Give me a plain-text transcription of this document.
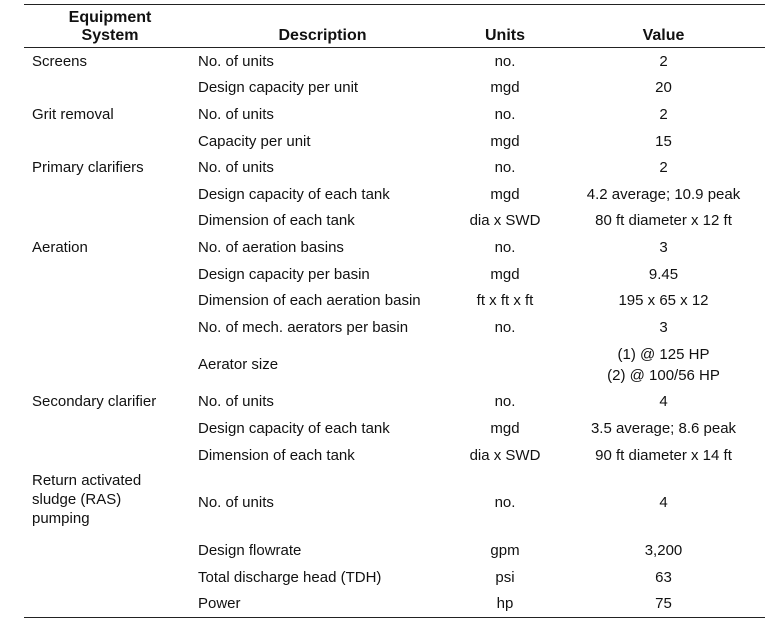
Equipment
System	Description	Units	Value
Screens	No. of units	no.	2
	Design capacity per unit	mgd	20
Grit removal	No. of units	no.	2
	Capacity per unit	mgd	15
Primary clarifiers	No. of units	no.	2
	Design capacity of each tank	mgd	4.2 average; 10.9 peak
	Dimension of each tank	dia x SWD	80 ft diameter x 12 ft
Aeration	No. of aeration basins	no.	3
	Design capacity per basin	mgd	9.45
	Dimension of each aeration basin	ft x ft x ft	195 x 65 x 12
	No. of mech. aerators per basin	no.	3
	Aerator size		(1) @ 125 HP
(2) @ 100/56 HP
Secondary clarifier	No. of units	no.	4
	Design capacity of each tank	mgd	3.5 average; 8.6 peak
	Dimension of each tank	dia x SWD	90 ft diameter x 14 ft
Return activated
sludge (RAS)
pumping	No. of units	no.	4
	Design flowrate	gpm	3,200
	Total discharge head (TDH)	psi	63
	Power	hp	75
